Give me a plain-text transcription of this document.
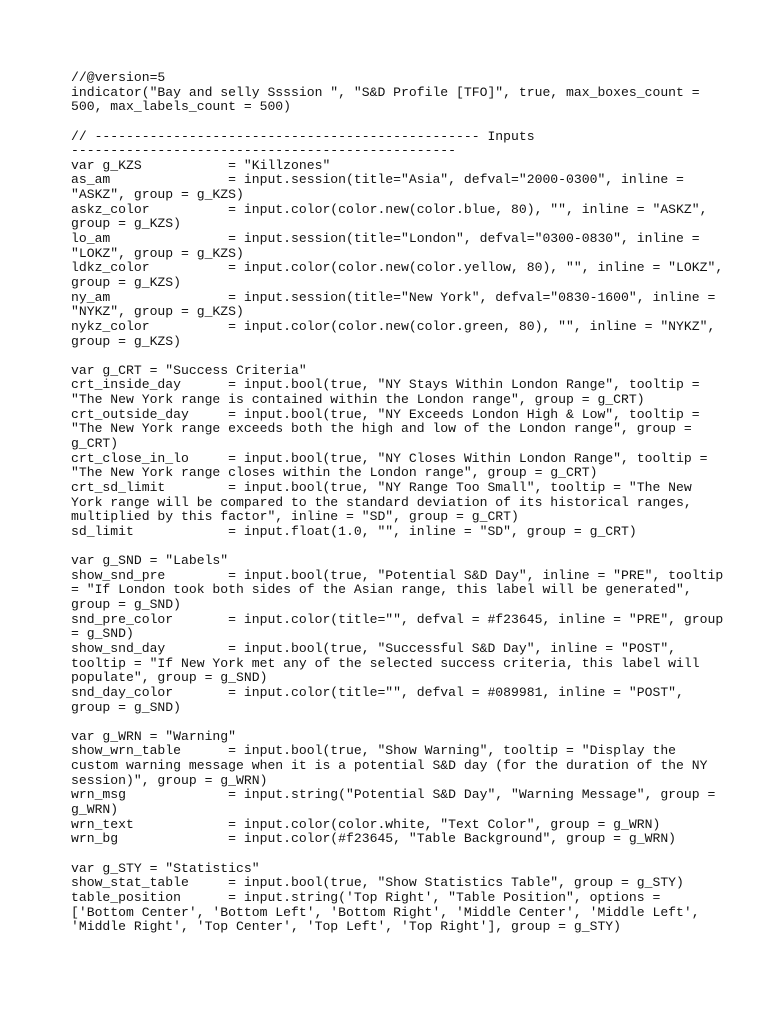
//@version=5
indicator("Bay and selly Ssssion ", "S&D Profile [TFO]", true, max_boxes_count =
500, max_labels_count = 500)
// ------------------------------------------------- Inputs
-------------------------------------------------
var g_KZS           = "Killzones"
as_am               = input.session(title="Asia", defval="2000-0300", inline =
"ASKZ", group = g_KZS)
askz_color          = input.color(color.new(color.blue, 80), "", inline = "ASKZ",
group = g_KZS)
lo_am               = input.session(title="London", defval="0300-0830", inline =
"LOKZ", group = g_KZS)
ldkz_color          = input.color(color.new(color.yellow, 80), "", inline = "LOKZ",
group = g_KZS)
ny_am               = input.session(title="New York", defval="0830-1600", inline =
"NYKZ", group = g_KZS)
nykz_color          = input.color(color.new(color.green, 80), "", inline = "NYKZ",
group = g_KZS)
var g_CRT = "Success Criteria"
crt_inside_day      = input.bool(true, "NY Stays Within London Range", tooltip =
"The New York range is contained within the London range", group = g_CRT)
crt_outside_day     = input.bool(true, "NY Exceeds London High & Low", tooltip =
"The New York range exceeds both the high and low of the London range", group =
g_CRT)
crt_close_in_lo     = input.bool(true, "NY Closes Within London Range", tooltip =
"The New York range closes within the London range", group = g_CRT)
crt_sd_limit        = input.bool(true, "NY Range Too Small", tooltip = "The New
York range will be compared to the standard deviation of its historical ranges,
multiplied by this factor", inline = "SD", group = g_CRT)
sd_limit            = input.float(1.0, "", inline = "SD", group = g_CRT)
var g_SND = "Labels"
show_snd_pre        = input.bool(true, "Potential S&D Day", inline = "PRE", tooltip
= "If London took both sides of the Asian range, this label will be generated",
group = g_SND)
snd_pre_color       = input.color(title="", defval = #f23645, inline = "PRE", group
= g_SND)
show_snd_day        = input.bool(true, "Successful S&D Day", inline = "POST",
tooltip = "If New York met any of the selected success criteria, this label will
populate", group = g_SND)
snd_day_color       = input.color(title="", defval = #089981, inline = "POST",
group = g_SND)
var g_WRN = "Warning"
show_wrn_table      = input.bool(true, "Show Warning", tooltip = "Display the
custom warning message when it is a potential S&D day (for the duration of the NY
session)", group = g_WRN)
wrn_msg             = input.string("Potential S&D Day", "Warning Message", group =
g_WRN)
wrn_text            = input.color(color.white, "Text Color", group = g_WRN)
wrn_bg              = input.color(#f23645, "Table Background", group = g_WRN)
var g_STY = "Statistics"
show_stat_table     = input.bool(true, "Show Statistics Table", group = g_STY)
table_position      = input.string('Top Right', "Table Position", options =
['Bottom Center', 'Bottom Left', 'Bottom Right', 'Middle Center', 'Middle Left',
'Middle Right', 'Top Center', 'Top Left', 'Top Right'], group = g_STY)
